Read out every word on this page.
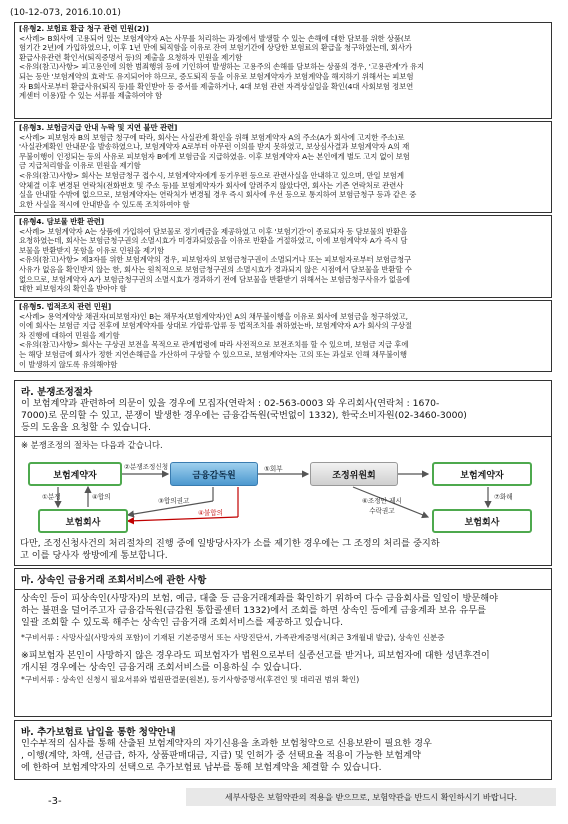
(10-12-073, 2016.10.01)

[유형2. 보험료 환급 청구 관련 민원(2)]

<사례> B회사에 고용되어 있는 보험계약자 A는 사무를 처리하는 과정에서 발생할 수 있는 손해에 대한 담보를 위한 상품(보

험기간 2년)에 가입하였으나, 이후 1년 만에 퇴직함을 이유로 잔여 보험기간에 상당한 보험료의 환급을 청구하였는데, 회사가

환급사유관련 확인서(퇴직증명서 등)의 제출을 요청하자 민원을 제기함

<유의(참고)사항> 피고용인에 의한 범죄행위 등에 기인하여 발생하는 고용주의 손해를 담보하는 상품의 경우, '고용관계'가 유지

되는 동안 '보험계약의 효력'도 유지되어야 하므로, 증도퇴직 등을 이유로 보험계약자가 보험계약을 해지하기 위해서는 피보험

자 B회사로부터 환급사유(퇴직 등)를 확인받아 등 증서를 제출하거나, 4대 보험 관련 자격상실일을 확인(4대 사회보험 정보연

계센터 이용)할 수 있는 서류를 제출하여야 함

[유형3. 보험금지급 안내 누락 및 지연 불만 관련]

<사례> 피보험자 B의 보험금 청구에 따라, 회사는 사실관계 확인을 위해 보험계약자 A의 주소(A가 회사에 고지한 주소)로

'사실관계확인 안내문'을 발송하였으나, 보험계약자 A로부터 아무런 이의를 받지 못하였고, 보상심사결과 보험계약자 A의 재

무불이행이 인정되는 등의 사유로 피보험자 B에게 보험금을 지급하였음. 이후 보험계약자 A는 본인에게 별도 고지 없이 보험

금 지급처리함을 이유로 민원을 제기함

<유의(참고)사항> 회사는 보험금청구 접수시, 보험계약자에게 동기우편 등으로 관련사실을 안내하고 있으며, 만일 보험계

약체결 이후 변경된 연락처(전화번호 및 주소 등)를 보험계약자가 회사에 알려주지 않았다면, 회사는 기존 연락처로 관련사

실을 안내할 수밖에 없으므로, 보험계약자는 연락처가 변경될 경우 즉시 회사에 우선 등으로 통지하여 보험금청구 등과 같은 중

요한 사실을 적시에 안내받을 수 있도록 조치하여야 함

[유형4. 담보물 반환 관련]

<사례> 보험계약자 A는 상품에 가입하여 담보물로 정기예금을 제공하였고 이후 '보험기간'이 종료되자 동 담보물의 반환을

요청하였는데, 회사는 보험금청구권의 소멸시효가 미경과되었음을 이유로 반환을 거절하였고, 이에 보험계약자 A가 즉시 담

보물을 반환받지 못함을 이유로 민원을 제기함

<유의(참고)사항> 제3자를 위한 보험계약의 경우, 피보험자의 보험금청구권이 소멸되거나 또는 피보험자로부터 보험금청구

사유가 없음을 확인받지 않는 한, 회사는 원칙적으로 보험금청구권의 소멸시효가 경과되지 않은 시점에서 담보물을 반환할 수

없으므로, 보험계약자 A가 보험금청구권의 소멸시효가 경과하기 전에 담보물을 반환받기 위해서는 보험금청구사유가 없음에

대한 피보험자의 확인을 받아야 함

[유형5. 법적조치 관련 민원]

<사례> 용역계약상 채권자(피보험자)인 B는 채무자(보험계약자)인 A의 채무불이행을 이유로 회사에 보험금을 청구하였고,

이에 회사는 보험금 지급 전후에 보험계약자를 상대로 가압류·압류 등 법적조치를 취하였는바, 보험계약자 A가 회사의 구상절

차 진행에 대하여 민원을 제기함

<유의(참고)사항> 회사는 구상권 보전을 목적으로 관계법령에 따라 사전적으로 보전조치를 할 수 있으며, 보험금 지급 후에

는 해당 보험금에 회사가 정한 지연손해금을 가산하여 구상할 수 있으므로, 보험계약자는 고의 또는 과실로 인해 채무불이행

이 발생하지 않도록 유의해야함

라. 분쟁조정절차
이 보험계약과 관련하여 의문이 있을 경우에 모집자(연락처 : 02-563-0003 와 우리회사(연락처 : 1670-
7000)로 문의할 수 있고, 분쟁이 발생한 경우에는 금융감독원(국번없이 1332), 한국소비자원(02-3460-3000)
등의 도움을 요청할 수 있습니다.
※ 분쟁조정의 절차는 다음과 같습니다.
보험계약자	금융감독원	조정위원회	보험계약자
보험회사	보험회사
①분쟁
②분쟁조정신청
③합의권고
④합의
④불합의
⑤회부
⑥조정안 제시
수락권고
⑦화해
다만, 조정신청사건의 처리절차의 진행 중에 일방당사자가 소를 제기한 경우에는 그 조정의 처리를 중지하
고 이를 당사자 쌍방에게 통보합니다.
마. 상속인 금융거래 조회서비스에 관한 사항
상속인 등이 피상속인(사망자)의 보험, 예금, 대출 등 금융거래계좌를 확인하기 위하여 다수 금융회사를 일일이 방문해야
하는 불편을 덜어주고자 금융감독원(금감원 통합콜센터 1332)에서 조회를 하면 상속인 등에게 금융계좌 보유 유무를
일괄 조회할 수 있도록 해주는 상속인 금융거래 조회서비스를 제공하고 있습니다.
*구비서류 : 사망사실(사망자의 포함)이 기재된 기본증명서 또는 사망진단서, 가족관계증명서(최근 3개월내 발급), 상속인 신분증
※피보험자 본인이 사망하지 않은 경우라도 피보험자가 법원으로부터 실종선고를 받거나, 피보험자에 대한 성년후견이
개시된 경우에는 상속인 금융거래 조회서비스를 이용하실 수 있습니다.
*구비서류 : 상속인 신청시 필요서류와 법원판결문(원본), 등기사항증명서(후견인 및 대리권 범위 확인)
바. 추가보험료 납입을 통한 청약안내
인수부적의 심사를 통해 산출된 보험계약자의 자기신용을 초과한 보험청약으로 신용보완이 필요한 경우
, 이행(계약, 차액, 선금급, 하자, 상품판매대금, 지급) 및 인허가 중 선택요율 적용이 가능한 보험계약
에 한하여 보험계약자의 선택으로 추가보험료 납부를 통해 보험계약을 체결할 수 있습니다.
-3-	세부사항은 보험약관의 적용을 받으므로, 보험약관을 반드시 확인하시기 바랍니다.
